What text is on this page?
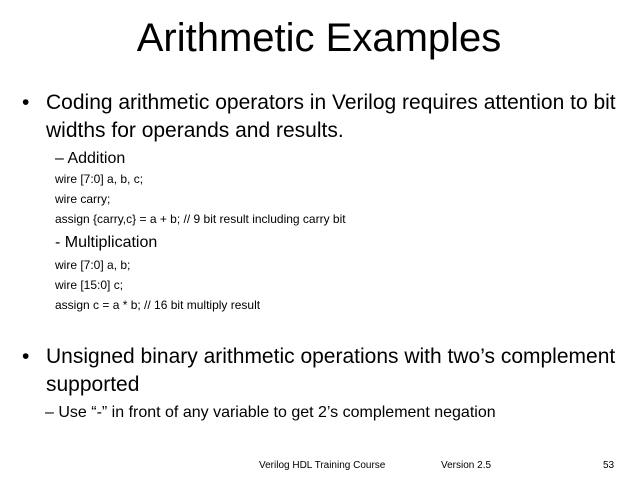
Arithmetic Examples
• Coding arithmetic operators in Verilog requires attention to bit widths for operands and results.
– Addition
wire [7:0] a, b, c;
wire carry;
assign {carry,c} = a + b; // 9 bit result including carry bit
- Multiplication
wire [7:0] a, b;
wire [15:0] c;
assign c = a * b; // 16 bit multiply result
• Unsigned binary arithmetic operations with two’s complement supported
– Use “-” in front of any variable to get 2’s complement negation
Verilog HDL Training Course	Version 2.5	53
